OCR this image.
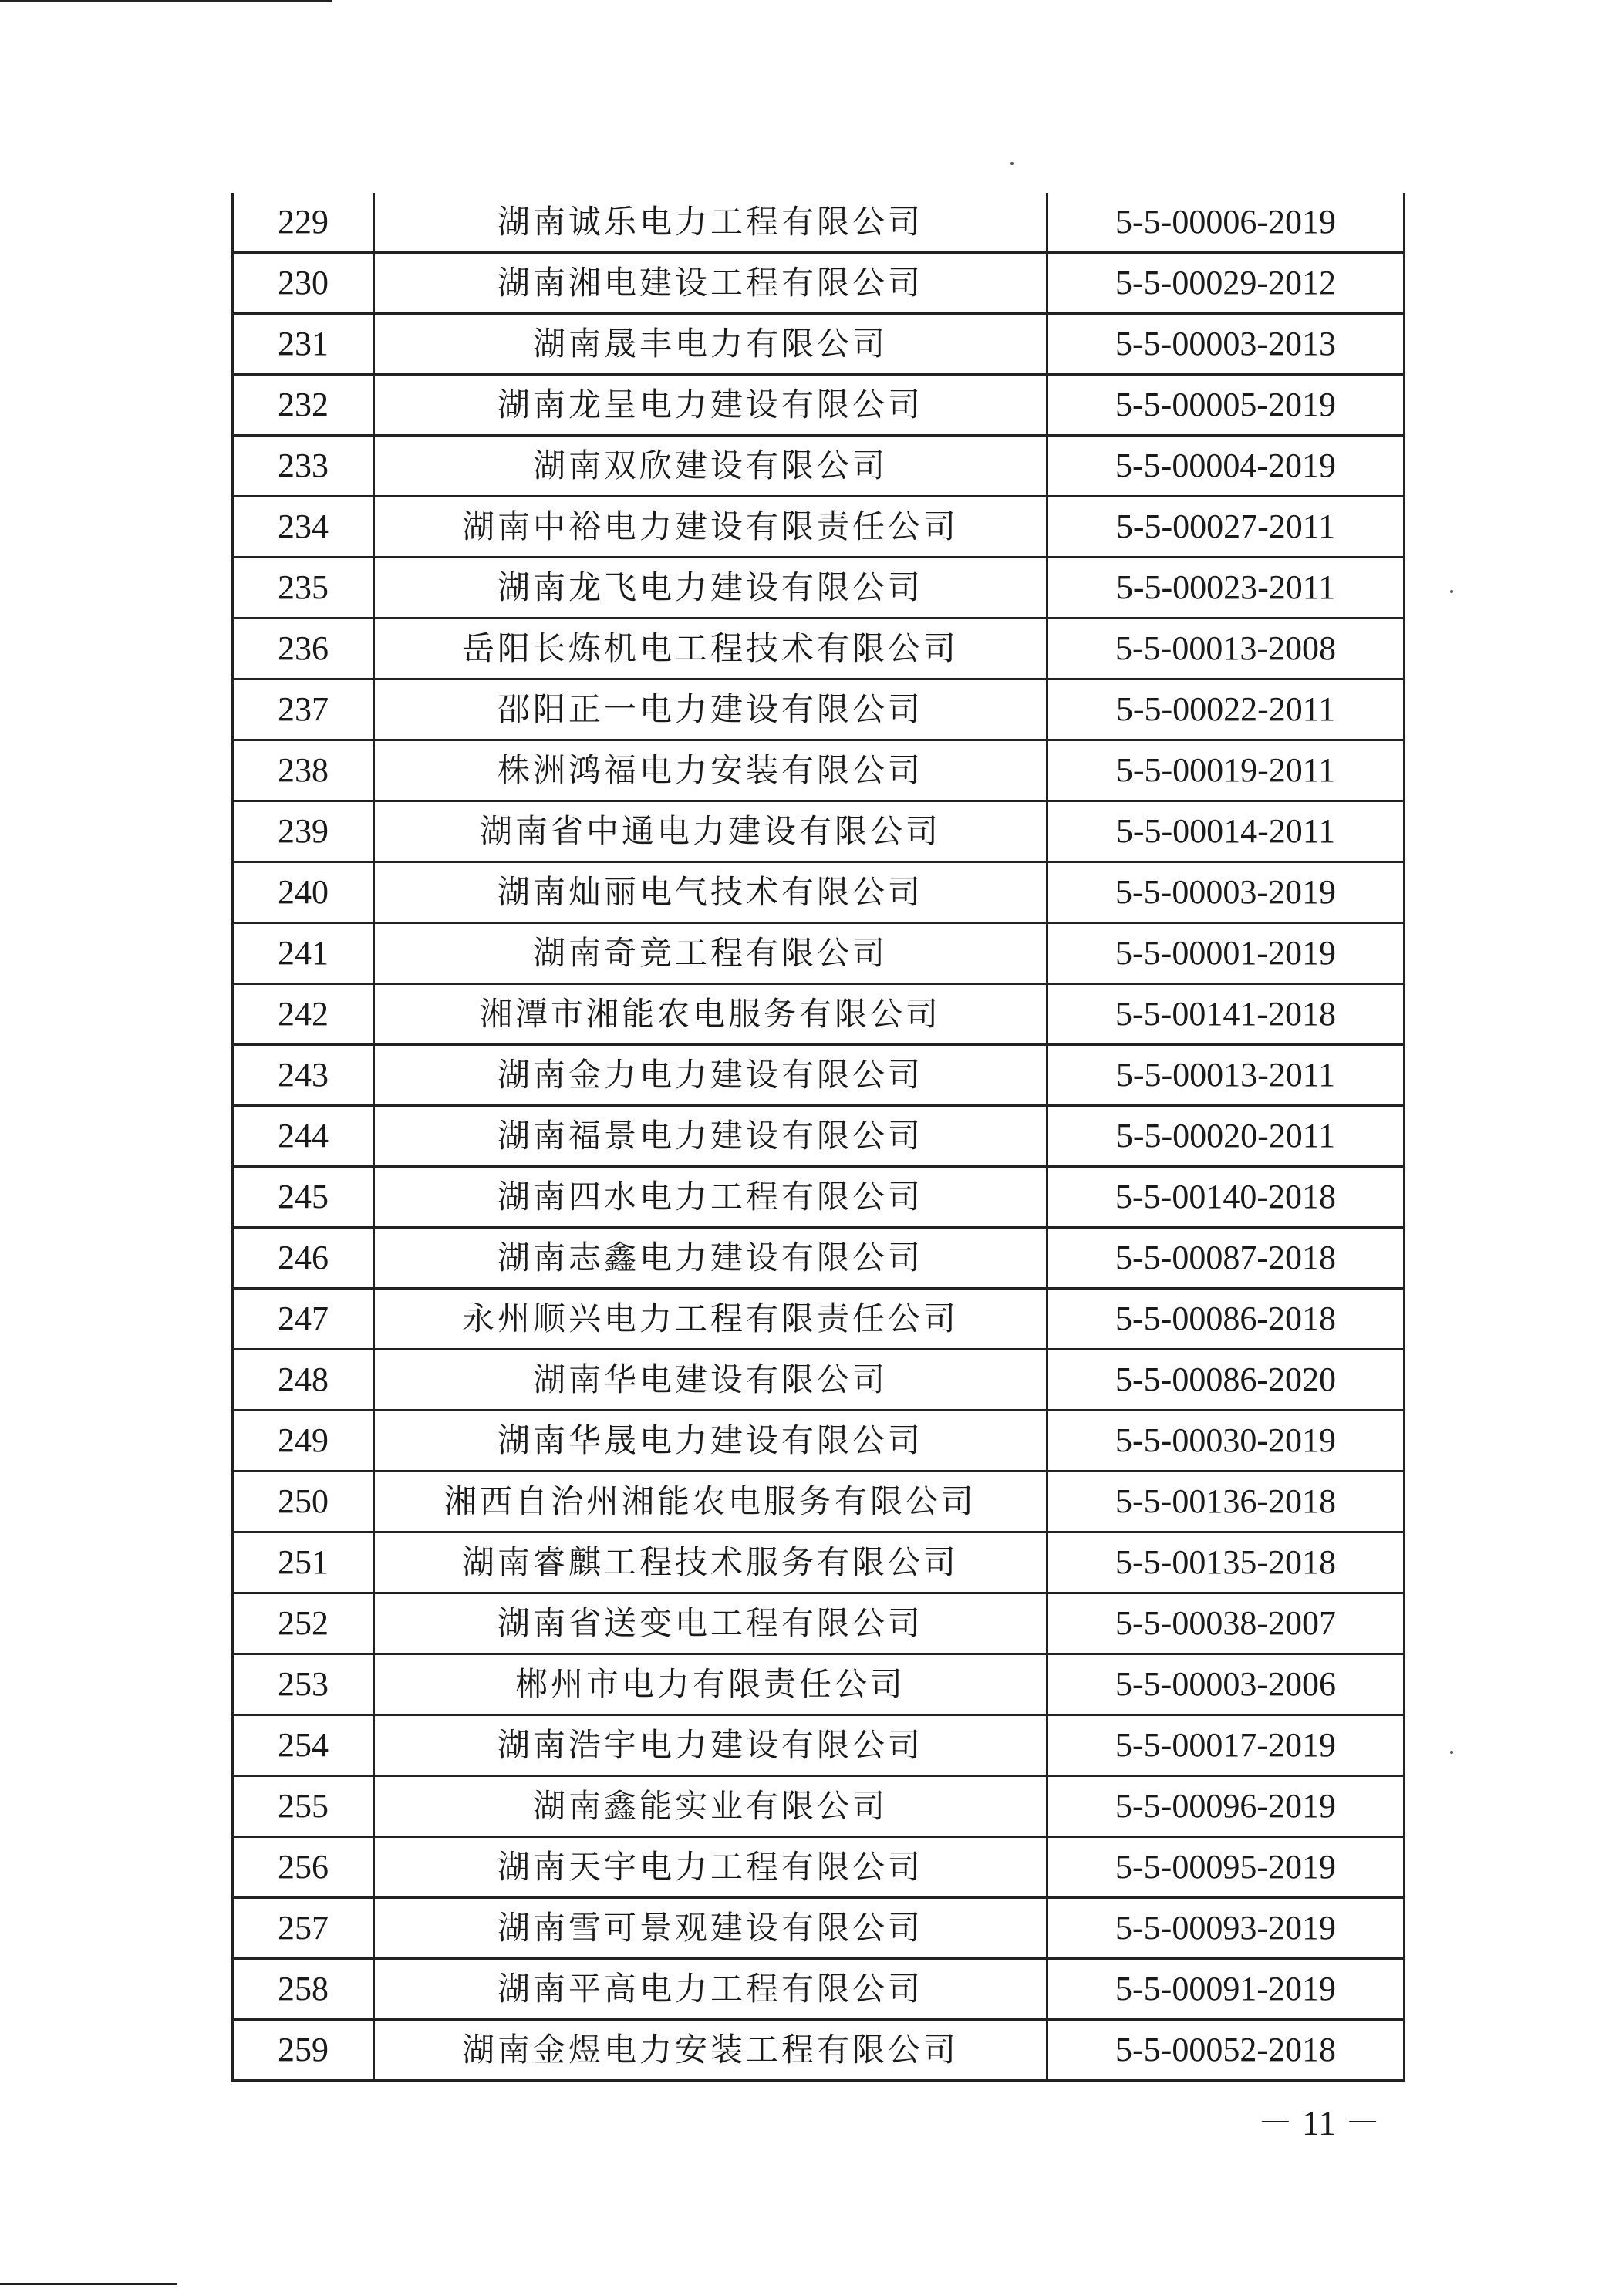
229	湖南诚乐电力工程有限公司	5-5-00006-2019
230	湖南湘电建设工程有限公司	5-5-00029-2012
231	湖南晟丰电力有限公司	5-5-00003-2013
232	湖南龙呈电力建设有限公司	5-5-00005-2019
233	湖南双欣建设有限公司	5-5-00004-2019
234	湖南中裕电力建设有限责任公司	5-5-00027-2011
235	湖南龙飞电力建设有限公司	5-5-00023-2011
236	岳阳长炼机电工程技术有限公司	5-5-00013-2008
237	邵阳正一电力建设有限公司	5-5-00022-2011
238	株洲鸿福电力安装有限公司	5-5-00019-2011
239	湖南省中通电力建设有限公司	5-5-00014-2011
240	湖南灿丽电气技术有限公司	5-5-00003-2019
241	湖南奇竞工程有限公司	5-5-00001-2019
242	湘潭市湘能农电服务有限公司	5-5-00141-2018
243	湖南金力电力建设有限公司	5-5-00013-2011
244	湖南福景电力建设有限公司	5-5-00020-2011
245	湖南四水电力工程有限公司	5-5-00140-2018
246	湖南志鑫电力建设有限公司	5-5-00087-2018
247	永州顺兴电力工程有限责任公司	5-5-00086-2018
248	湖南华电建设有限公司	5-5-00086-2020
249	湖南华晟电力建设有限公司	5-5-00030-2019
250	湘西自治州湘能农电服务有限公司	5-5-00136-2018
251	湖南睿麒工程技术服务有限公司	5-5-00135-2018
252	湖南省送变电工程有限公司	5-5-00038-2007
253	郴州市电力有限责任公司	5-5-00003-2006
254	湖南浩宇电力建设有限公司	5-5-00017-2019
255	湖南鑫能实业有限公司	5-5-00096-2019
256	湖南天宇电力工程有限公司	5-5-00095-2019
257	湖南雪可景观建设有限公司	5-5-00093-2019
258	湖南平高电力工程有限公司	5-5-00091-2019
259	湖南金煜电力安装工程有限公司	5-5-00052-2018
－ 11 －
